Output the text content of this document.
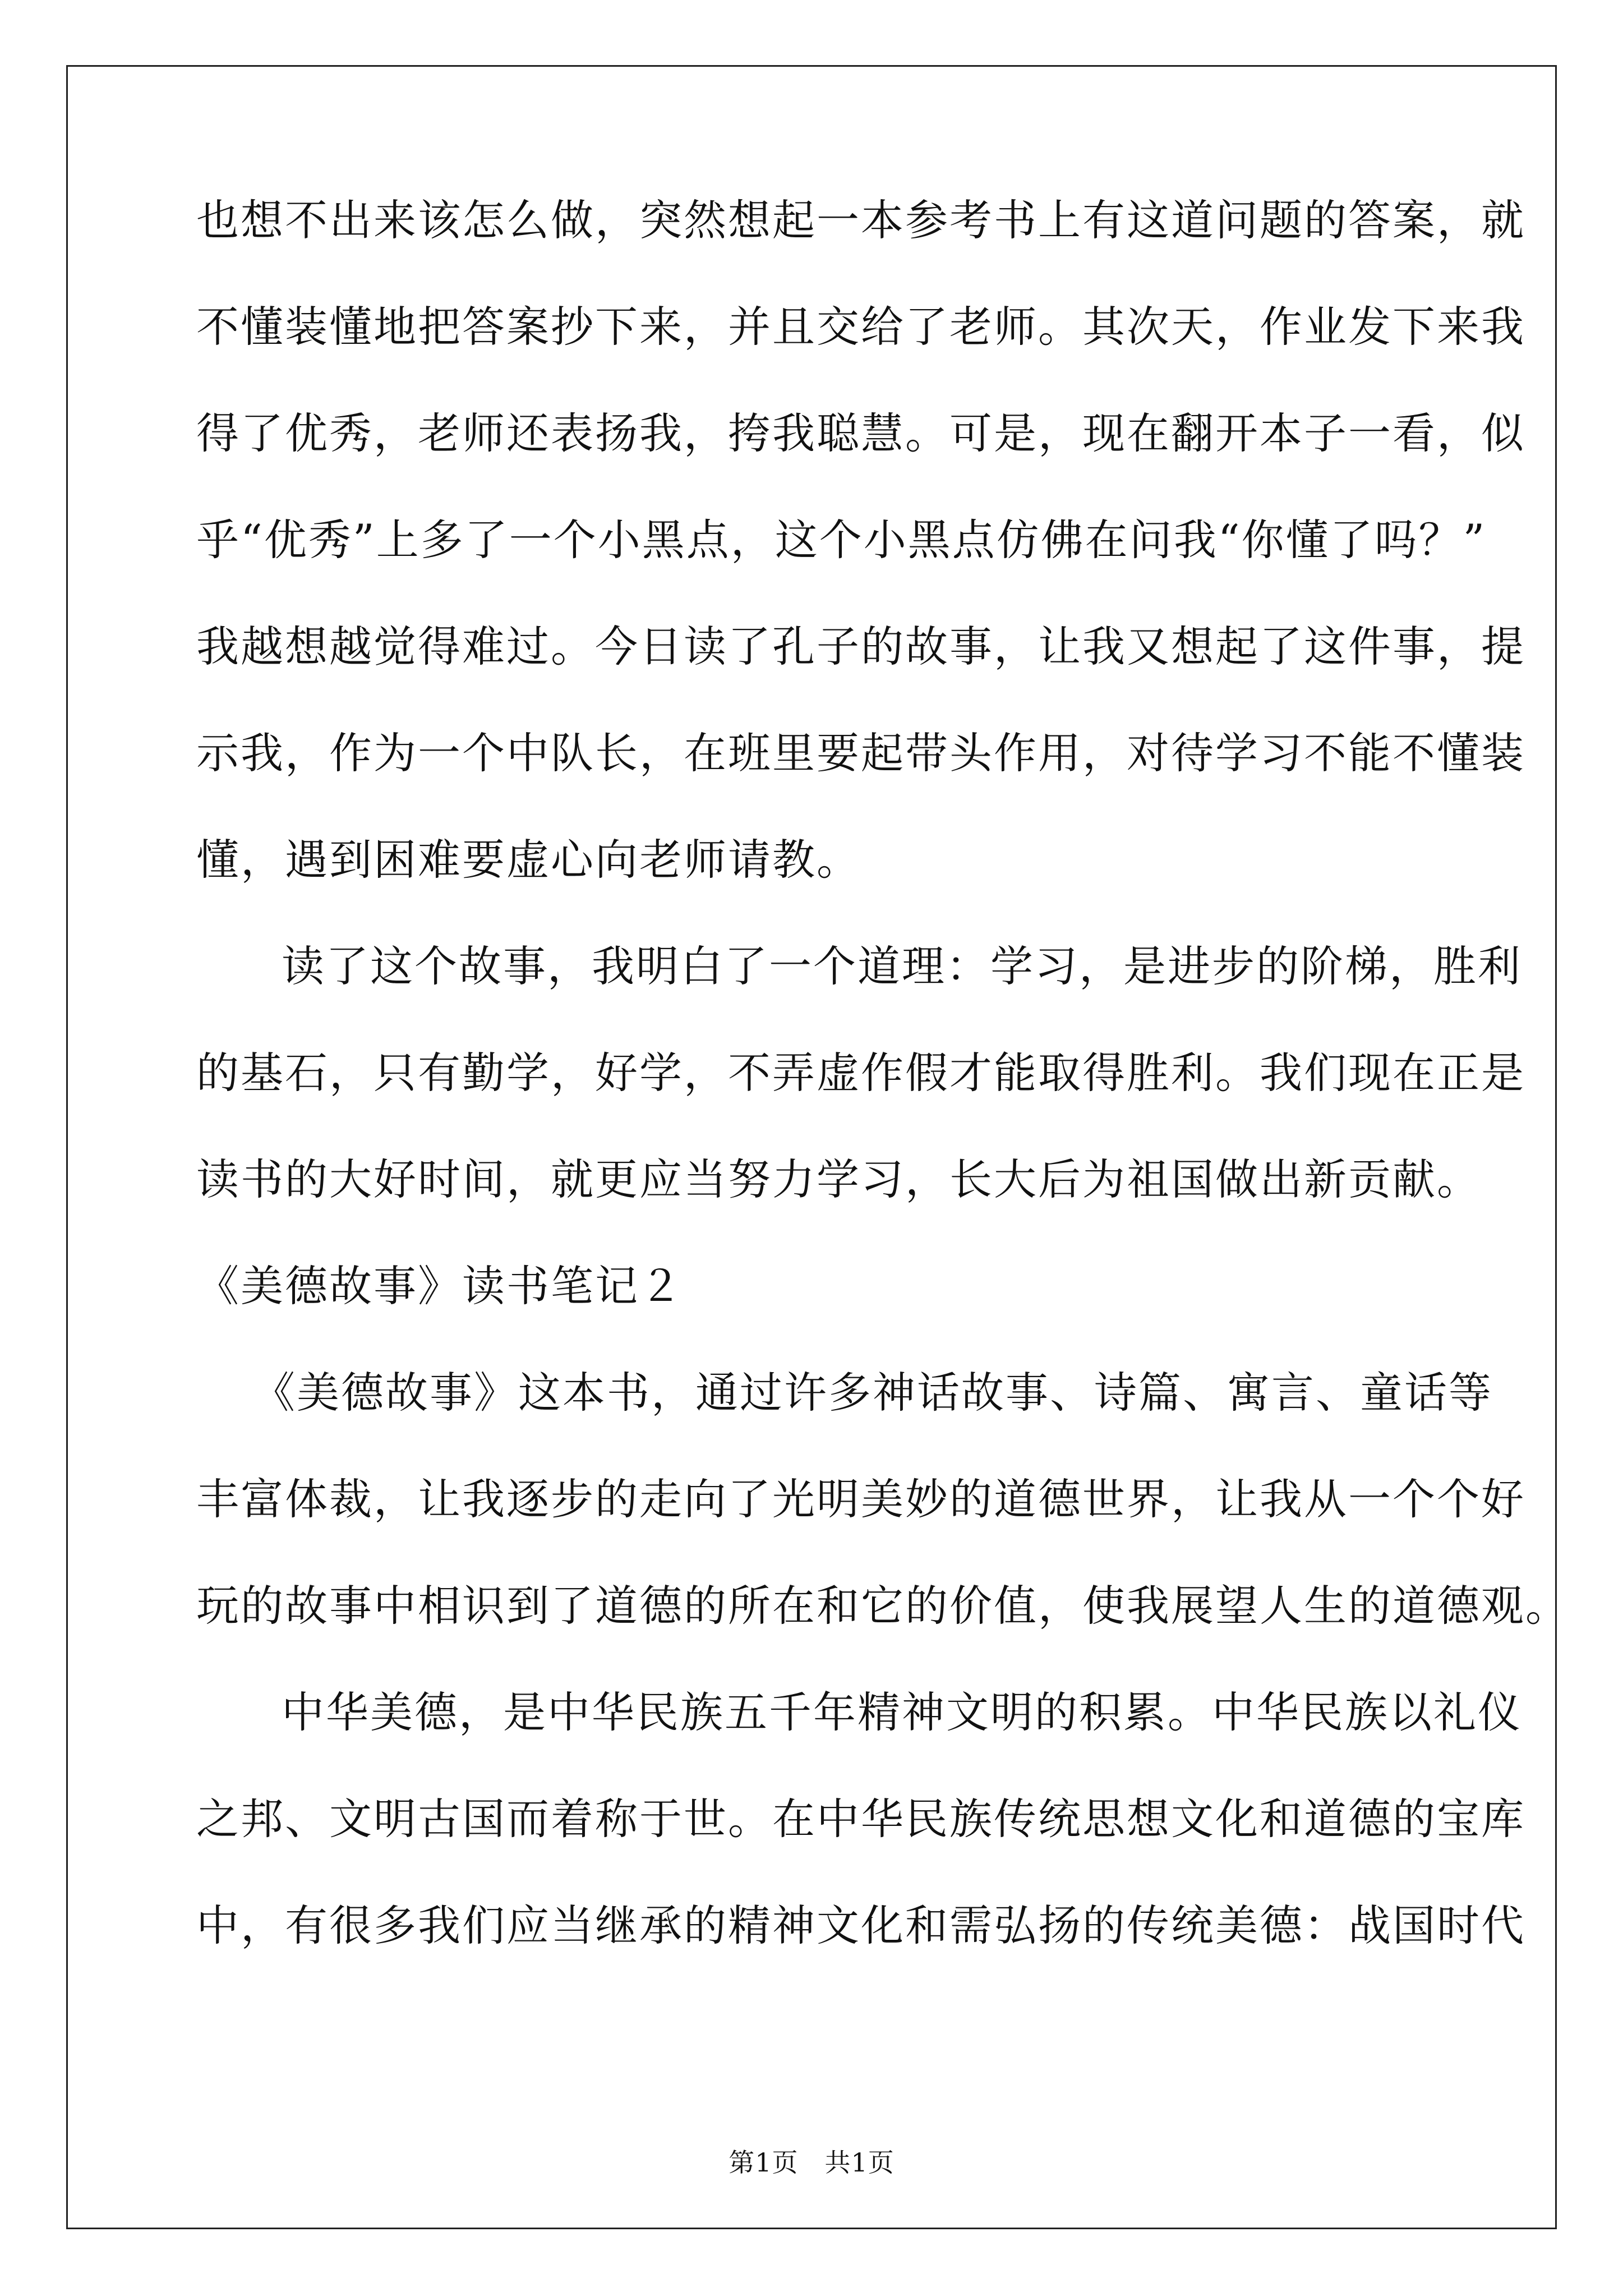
也想不出来该怎么做，突然想起一本参考书上有这道问题的答案，就
不懂装懂地把答案抄下来，并且交给了老师。其次天，作业发下来我
得了优秀，老师还表扬我，挎我聪慧。可是，现在翻开本子一看，似
乎“优秀”上多了一个小黑点，这个小黑点仿佛在问我“你懂了吗？”
我越想越觉得难过。今日读了孔子的故事，让我又想起了这件事，提
示我，作为一个中队长，在班里要起带头作用，对待学习不能不懂装
懂，遇到困难要虚心向老师请教。
读了这个故事，我明白了一个道理：学习，是进步的阶梯，胜利
的基石，只有勤学，好学，不弄虚作假才能取得胜利。我们现在正是
读书的大好时间，就更应当努力学习，长大后为祖国做出新贡献。
《美德故事》读书笔记２
《美德故事》这本书，通过许多神话故事、诗篇、寓言、童话等
丰富体裁，让我逐步的走向了光明美妙的道德世界，让我从一个个好
玩的故事中相识到了道德的所在和它的价值，使我展望人生的道德观。
中华美德，是中华民族五千年精神文明的积累。中华民族以礼仪
之邦、文明古国而着称于世。在中华民族传统思想文化和道德的宝库
中，有很多我们应当继承的精神文化和需弘扬的传统美德：战国时代
第1页　共1页
